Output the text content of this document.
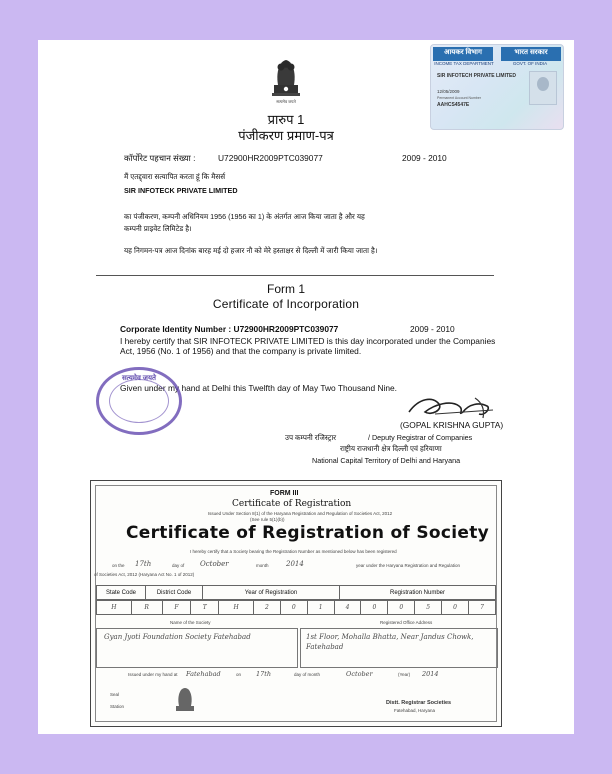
सत्यमेव जयते
आयकर विभाग	भारत सरकार
INCOME TAX DEPARTMENT	GOVT. OF INDIA
SIR INFOTECH PRIVATE LIMITED
12/05/2009
Permanent Account Number
AAHCS4547E
प्रारुप 1
पंजीकरण प्रमाण-पत्र
कॉर्पोरेट पहचान संख्या :	U72900HR2009PTC039077	2009 - 2010
मैं एतद्द्वारा सत्यापित करता हूं कि मैसर्स
SIR INFOTECK PRIVATE LIMITED
का पंजीकरण, कम्पनी अधिनियम 1956 (1956 का 1) के अंतर्गत आज किया जाता है और यह
कम्पनी प्राइवेट लिमिटेड है।
यह निगमन-पत्र आज दिनांक बारह मई दो हजार नौ को मेरे हस्ताक्षर से दिल्ली में जारी किया जाता है।
Form 1
Certificate of Incorporation
Corporate Identity Number : U72900HR2009PTC039077	2009 - 2010
I hereby certify that SIR INFOTECK PRIVATE LIMITED is this day incorporated under the Companies Act, 1956 (No. 1 of 1956) and that the company is private limited.
Given under my hand at Delhi this Twelfth day of May Two Thousand Nine.
सत्यमेव जयते
(GOPAL KRISHNA GUPTA)
उप कम्पनी रजिस्ट्रार	/ Deputy Registrar of Companies
राष्ट्रीय राजधानी क्षेत्र दिल्ली एवं हरियाणा
National Capital Territory of Delhi and Haryana
FORM III
Certificate of Registration
Issued Under Section 8(1) of the Haryana Registration and Regulation of Societies Act, 2012
(See rule 5(1)(b))
Certificate of Registration of Society
I hereby certify that a Society bearing the Registration Number as mentioned below has been registered
on the 17th	day of October	month 2014	year under the Haryana Registration and Regulation
of Societies Act, 2012 (Haryana Act No. 1 of 2012)
State Code	District Code	Year of Registration	Registration Number
H	R	F	T	H	2	0	1	4	0	0	5	0	7
Name of the Society	Registered Office Address
Gyan Jyoti Foundation Society Fatehabad	1st Floor, Mohalla Bhatta, Near Jandus Chowk, Fatehabad
Issued under my hand at Fatehabad	on 17th	day of month	October	(Year) 2014
Seal
Station
Distt. Registrar Societies
Fatehabad, Haryana
